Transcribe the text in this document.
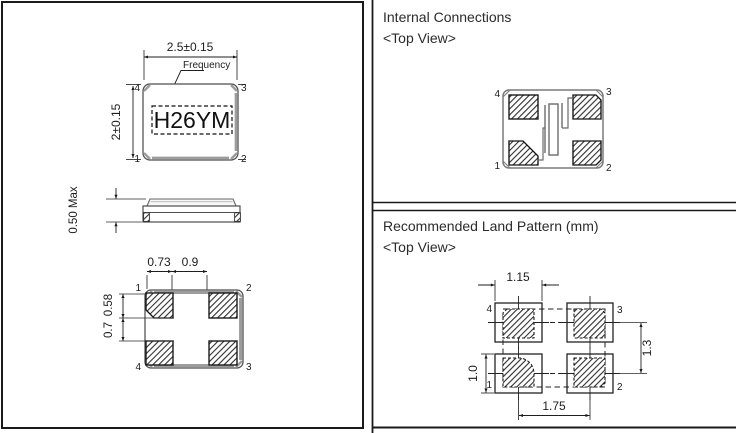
2.5±0.15
Frequency
H26YM
2±0.15
4	3
1	2
0.50 Max
0.73 0.9
0.58
0.7
1	2
4	3
Internal Connections
<Top View>
4	3
1	2
Recommended Land Pattern (mm)
<Top View>
1.15
1.75
1.3
1.0
4	3
1	2
